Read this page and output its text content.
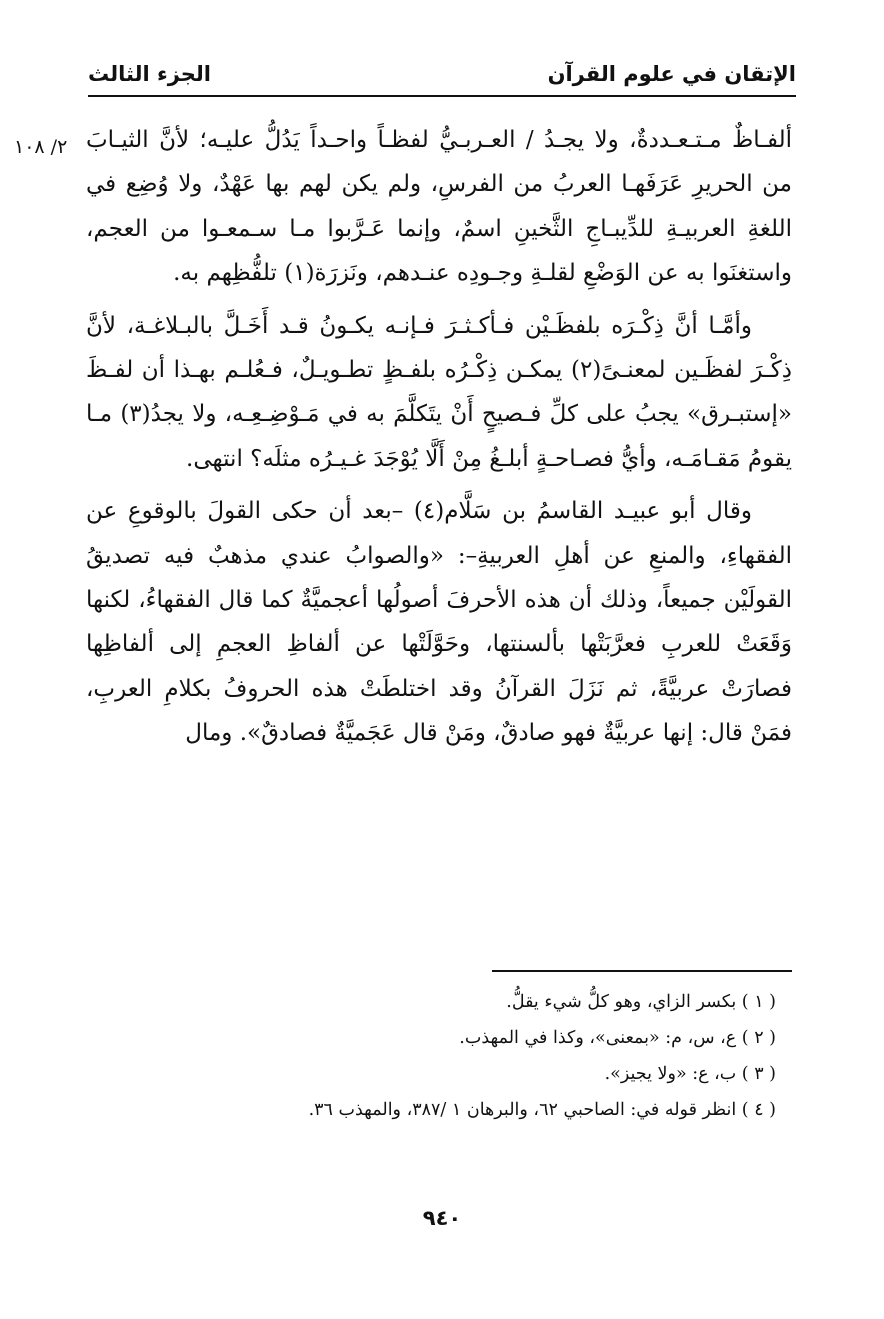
الإتقان في علوم القرآن
الجزء الثالث
٢/ ١٠٨ ألفـاظٌ مـتـعـددةٌ، ولا يجـدُ / العـربـيُّ لفظـاً واحـداً يَدُلُّ عليـه؛ لأنَّ الثيـابَ من الحريرِ عَرَفَهـا العربُ من الفرسِ، ولم يكن لهم بها عَهْدٌ، ولا وُضِع في اللغةِ العربيـةِ للدِّيبـاجِ الثَّخينِ اسمٌ، وإنما عَـرَّبوا مـا سـمعـوا من العجم، واستغنَوا به عن الوَضْعِ لقلـةِ وجـودِه عنـدهم، ونَزرَة(١) تلفُّظِهم به.

وأمَّـا أنَّ ذِكْـرَه بلفظَـيْن فـأكـثـرَ فـإنـه يكـونُ قـد أَخَـلَّ بالبـلاغـة، لأنَّ ذِكْـرَ لفظَـين لمعنـىً(٢) يمكـن ذِكْـرُه بلفـظٍ تطـويـلٌ، فـعُلـم بهـذا أن لفـظَ «إستبـرق» يجبُ على كلِّ فـصيحٍ أَنْ يتَكلَّمَ به في مَـوْضِـعِـه، ولا يجدُ(٣) مـا يقومُ مَقـامَـه، وأيُّ فصـاحـةٍ أبلـغُ مِنْ أَلَّا يُوْجَدَ غـيـرُه مثلَه؟ انتهى.

وقال أبو عبيـد القاسمُ بن سَلَّام(٤) –بعد أن حكى القولَ بالوقوعِ عن الفقهاءِ، والمنعِ عن أهلِ العربيةِ–: «والصوابُ عندي مذهبٌ فيه تصديقُ القولَيْن جميعاً، وذلك أن هذه الأحرفَ أصولُها أعجميَّةٌ كما قال الفقهاءُ، لكنها وَقَعَتْ للعربِ فعرَّبَتْها بألسنتها، وحَوَّلَتْها عن ألفاظِ العجمِ إلى ألفاظِها فصارَتْ عربيَّةً، ثم نَزَلَ القرآنُ وقد اختلطَتْ هذه الحروفُ بكلامِ العربِ، فمَنْ قال: إنها عربيَّةٌ فهو صادقٌ، ومَنْ قال عَجَميَّةٌ فصادقٌ». ومال

( ١ ) بكسر الزاي، وهو كلُّ شيء يقلُّ.
( ٢ ) ع، س، م: «بمعنى»، وكذا في المهذب.
( ٣ ) ب، ع: «ولا يجيز».
( ٤ ) انظر قوله في: الصاحبي ٦٢، والبرهان ١ /٣٨٧، والمهذب ٣٦.
٩٤٠
